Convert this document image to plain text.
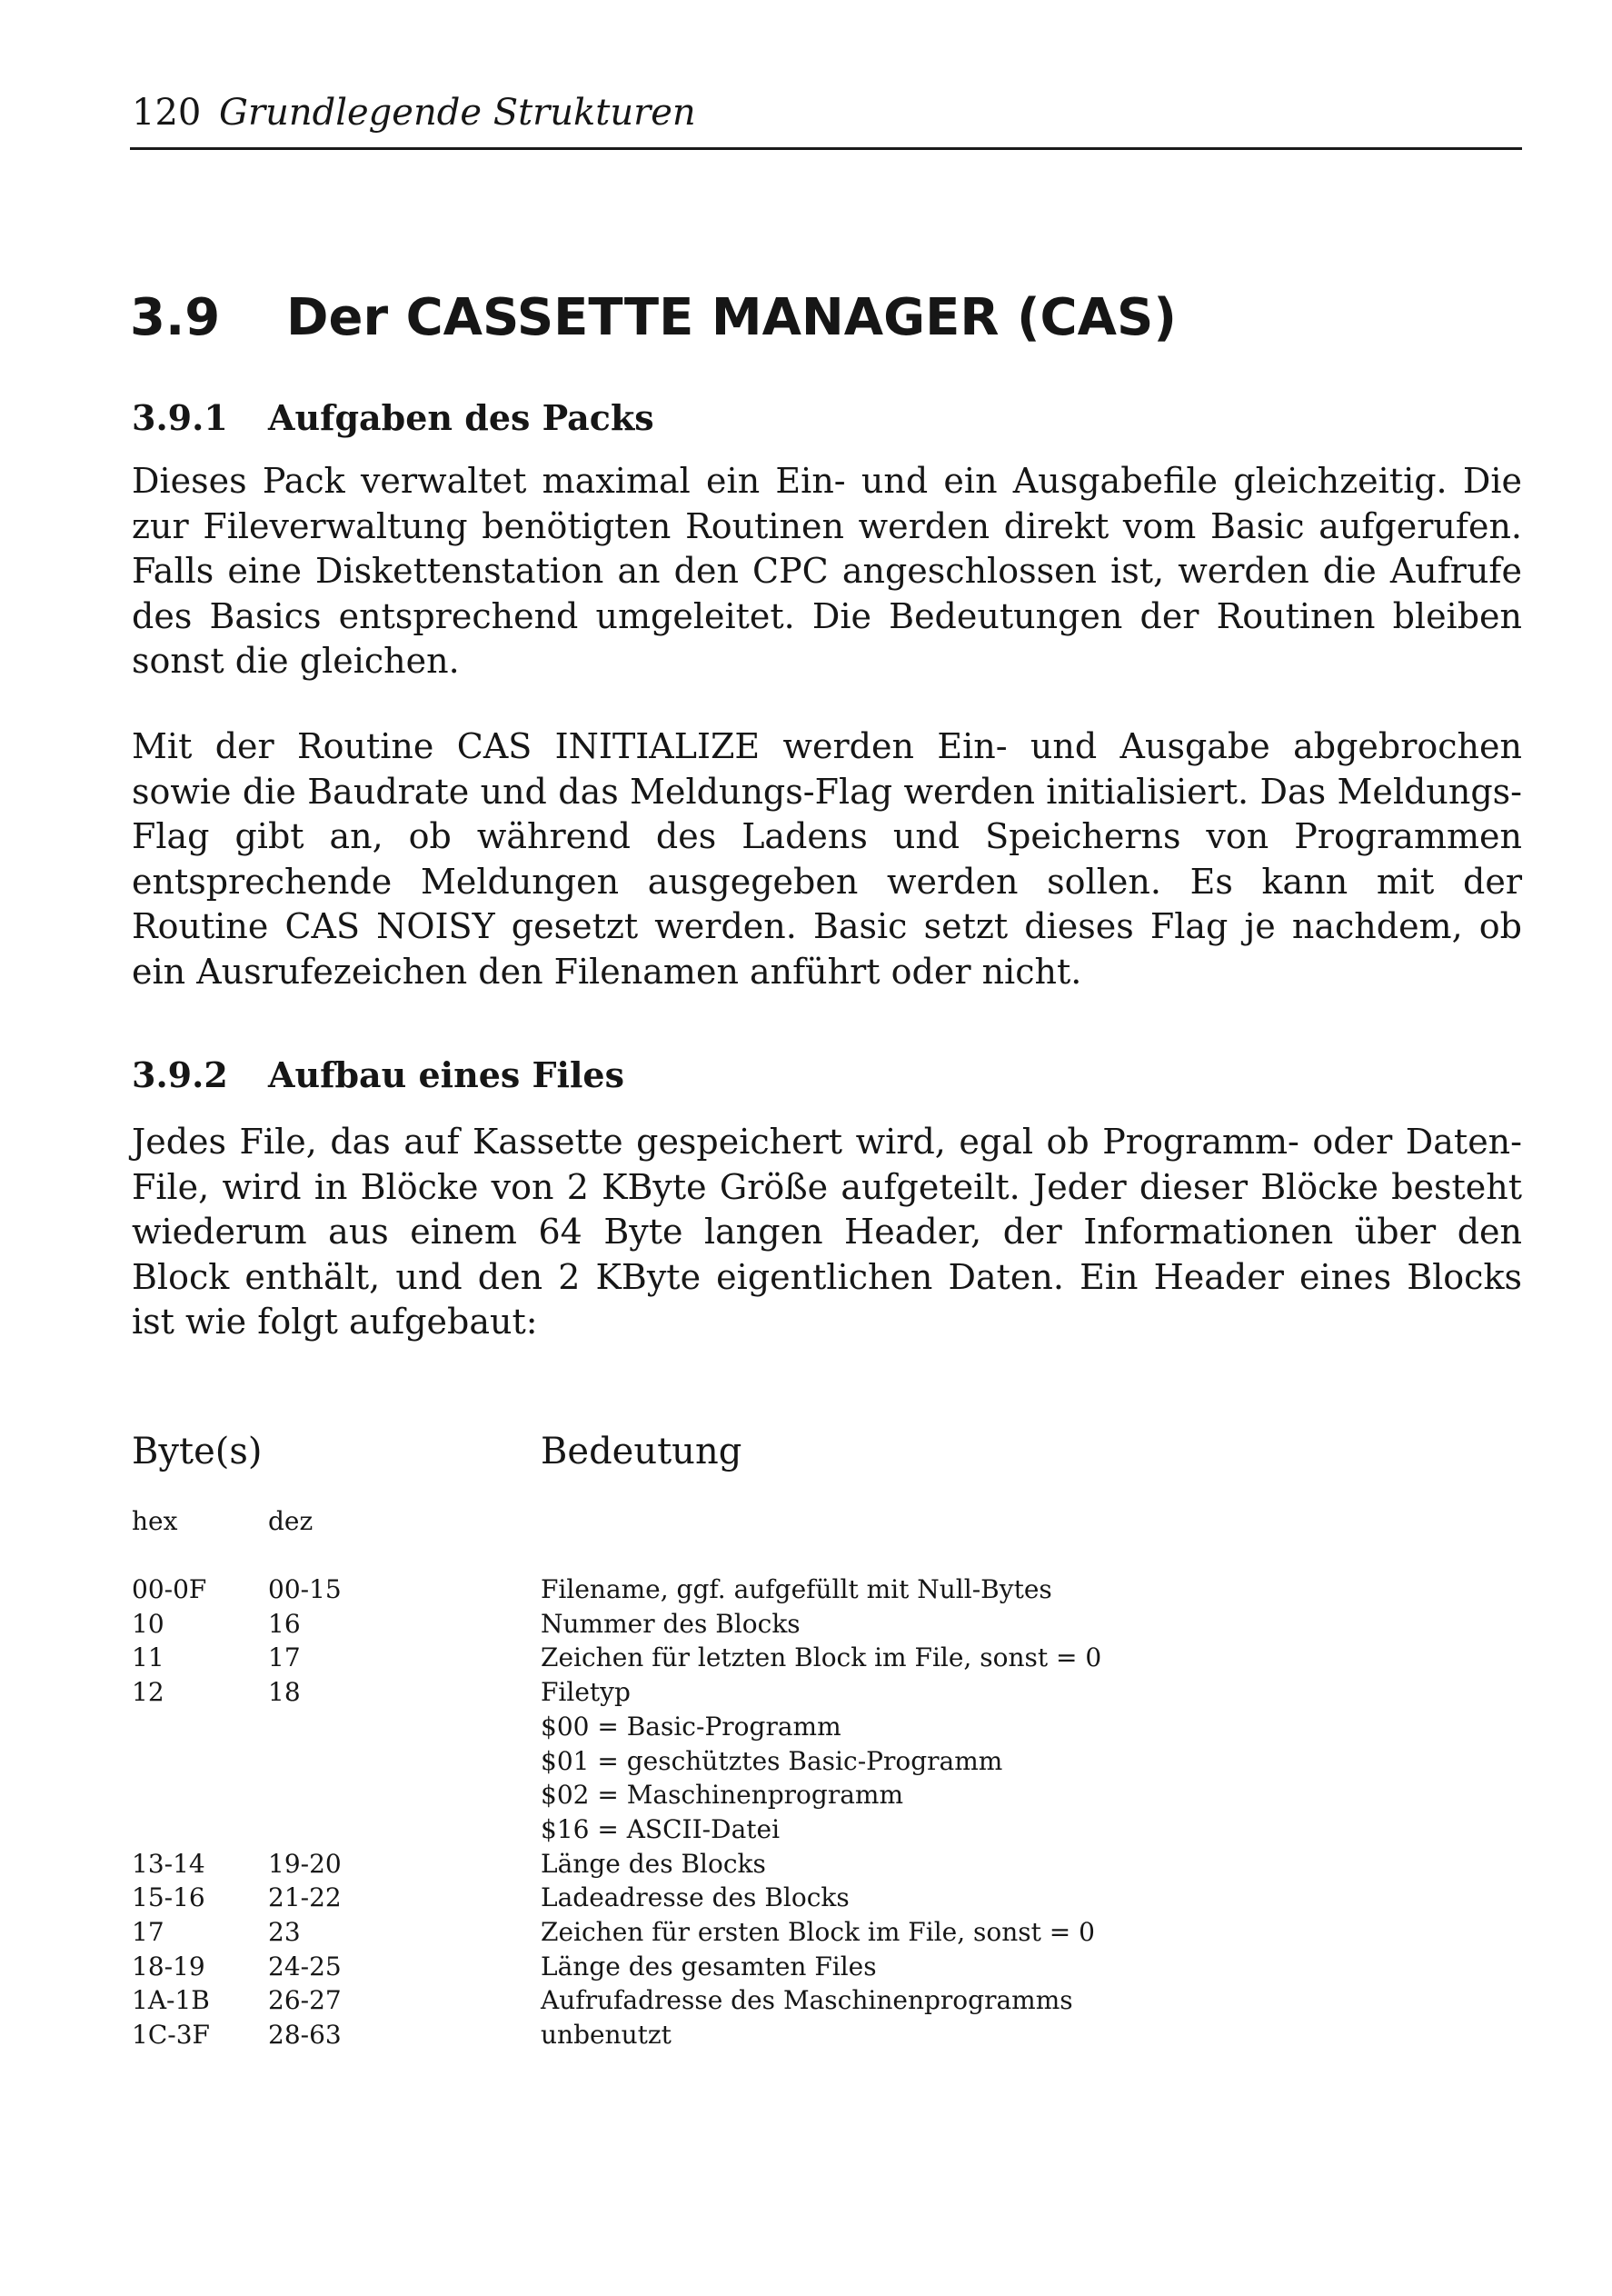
120 Grundlegende Strukturen
3.9 Der CASSETTE MANAGER (CAS)
3.9.1 Aufgaben des Packs

Dieses Pack verwaltet maximal ein Ein- und ein Ausgabefile gleichzeitig. Die zur Fileverwaltung benötigten Routinen werden direkt vom Basic aufgerufen. Falls eine Diskettenstation an den CPC angeschlossen ist, werden die Aufrufe des Basics entsprechend umgeleitet. Die Bedeutungen der Routinen bleiben sonst die gleichen.

Mit der Routine CAS INITIALIZE werden Ein- und Ausgabe abgebrochen sowie die Baudrate und das Meldungs-Flag werden initialisiert. Das Meldungs-Flag gibt an, ob während des Ladens und Speicherns von Programmen entsprechende Meldungen ausgegeben werden sollen. Es kann mit der Routine CAS NOISY gesetzt werden. Basic setzt dieses Flag je nachdem, ob ein Ausrufezeichen den Filenamen anführt oder nicht.

3.9.2 Aufbau eines Files

Jedes File, das auf Kassette gespeichert wird, egal ob Programm- oder Daten-File, wird in Blöcke von 2 KByte Größe aufgeteilt. Jeder dieser Blöcke besteht wiederum aus einem 64 Byte langen Header, der Informationen über den Block enthält, und den 2 KByte eigentlichen Daten. Ein Header eines Blocks ist wie folgt aufgebaut:

Byte(s)	Bedeutung
hex	dez
00-0F	00-15	Filename, ggf. aufgefüllt mit Null-Bytes
10	16	Nummer des Blocks
11	17	Zeichen für letzten Block im File, sonst = 0
12	18	Filetyp
$00 = Basic-Programm
$01 = geschütztes Basic-Programm
$02 = Maschinenprogramm
$16 = ASCII-Datei
13-14	19-20	Länge des Blocks
15-16	21-22	Ladeadresse des Blocks
17	23	Zeichen für ersten Block im File, sonst = 0
18-19	24-25	Länge des gesamten Files
1A-1B	26-27	Aufrufadresse des Maschinenprogramms
1C-3F	28-63	unbenutzt
